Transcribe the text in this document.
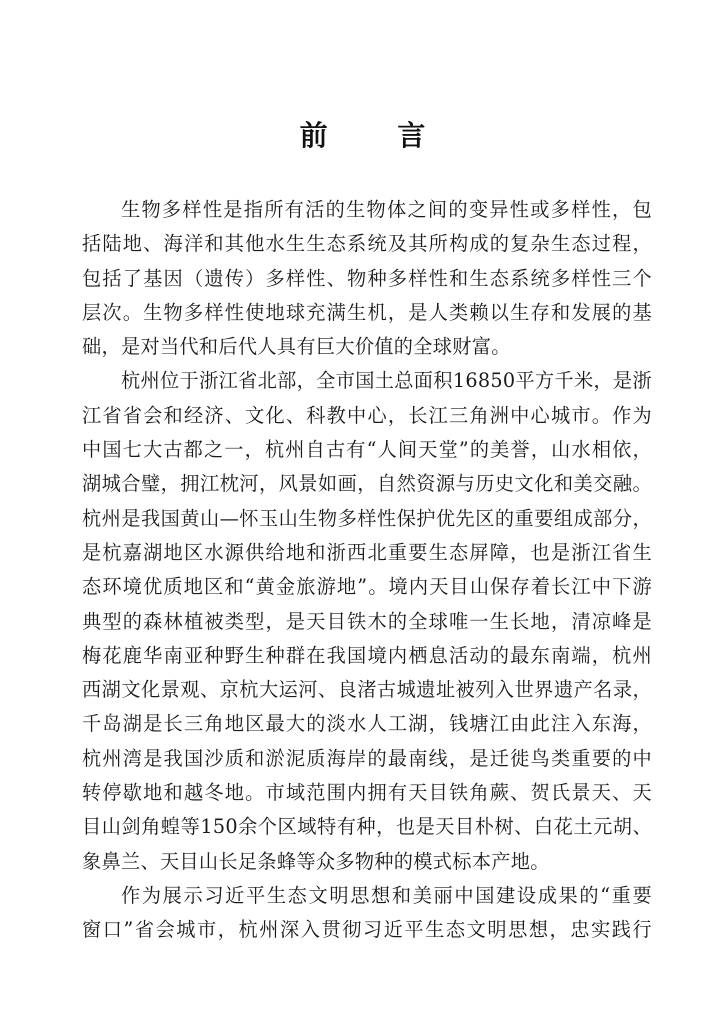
前 言
生物多样性是指所有活的生物体之间的变异性或多样性，包
括陆地、海洋和其他水生生态系统及其所构成的复杂生态过程，
包括了基因（遗传）多样性、物种多样性和生态系统多样性三个
层次。生物多样性使地球充满生机，是人类赖以生存和发展的基
础，是对当代和后代人具有巨大价值的全球财富。
杭州位于浙江省北部，全市国土总面积16850平方千米，是浙
江省省会和经济、文化、科教中心，长江三角洲中心城市。作为
中国七大古都之一，杭州自古有“人间天堂”的美誉，山水相依，
湖城合璧，拥江枕河，风景如画，自然资源与历史文化和美交融。
杭州是我国黄山—怀玉山生物多样性保护优先区的重要组成部分，
是杭嘉湖地区水源供给地和浙西北重要生态屏障，也是浙江省生
态环境优质地区和“黄金旅游地”。境内天目山保存着长江中下游
典型的森林植被类型，是天目铁木的全球唯一生长地，清凉峰是
梅花鹿华南亚种野生种群在我国境内栖息活动的最东南端，杭州
西湖文化景观、京杭大运河、良渚古城遗址被列入世界遗产名录，
千岛湖是长三角地区最大的淡水人工湖，钱塘江由此注入东海，
杭州湾是我国沙质和淤泥质海岸的最南线，是迁徙鸟类重要的中
转停歇地和越冬地。市域范围内拥有天目铁角蕨、贺氏景天、天
目山剑角蝗等150余个区域特有种，也是天目朴树、白花土元胡、
象鼻兰、天目山长足条蜂等众多物种的模式标本产地。
作为展示习近平生态文明思想和美丽中国建设成果的“重要
窗口”省会城市，杭州深入贯彻习近平生态文明思想，忠实践行
